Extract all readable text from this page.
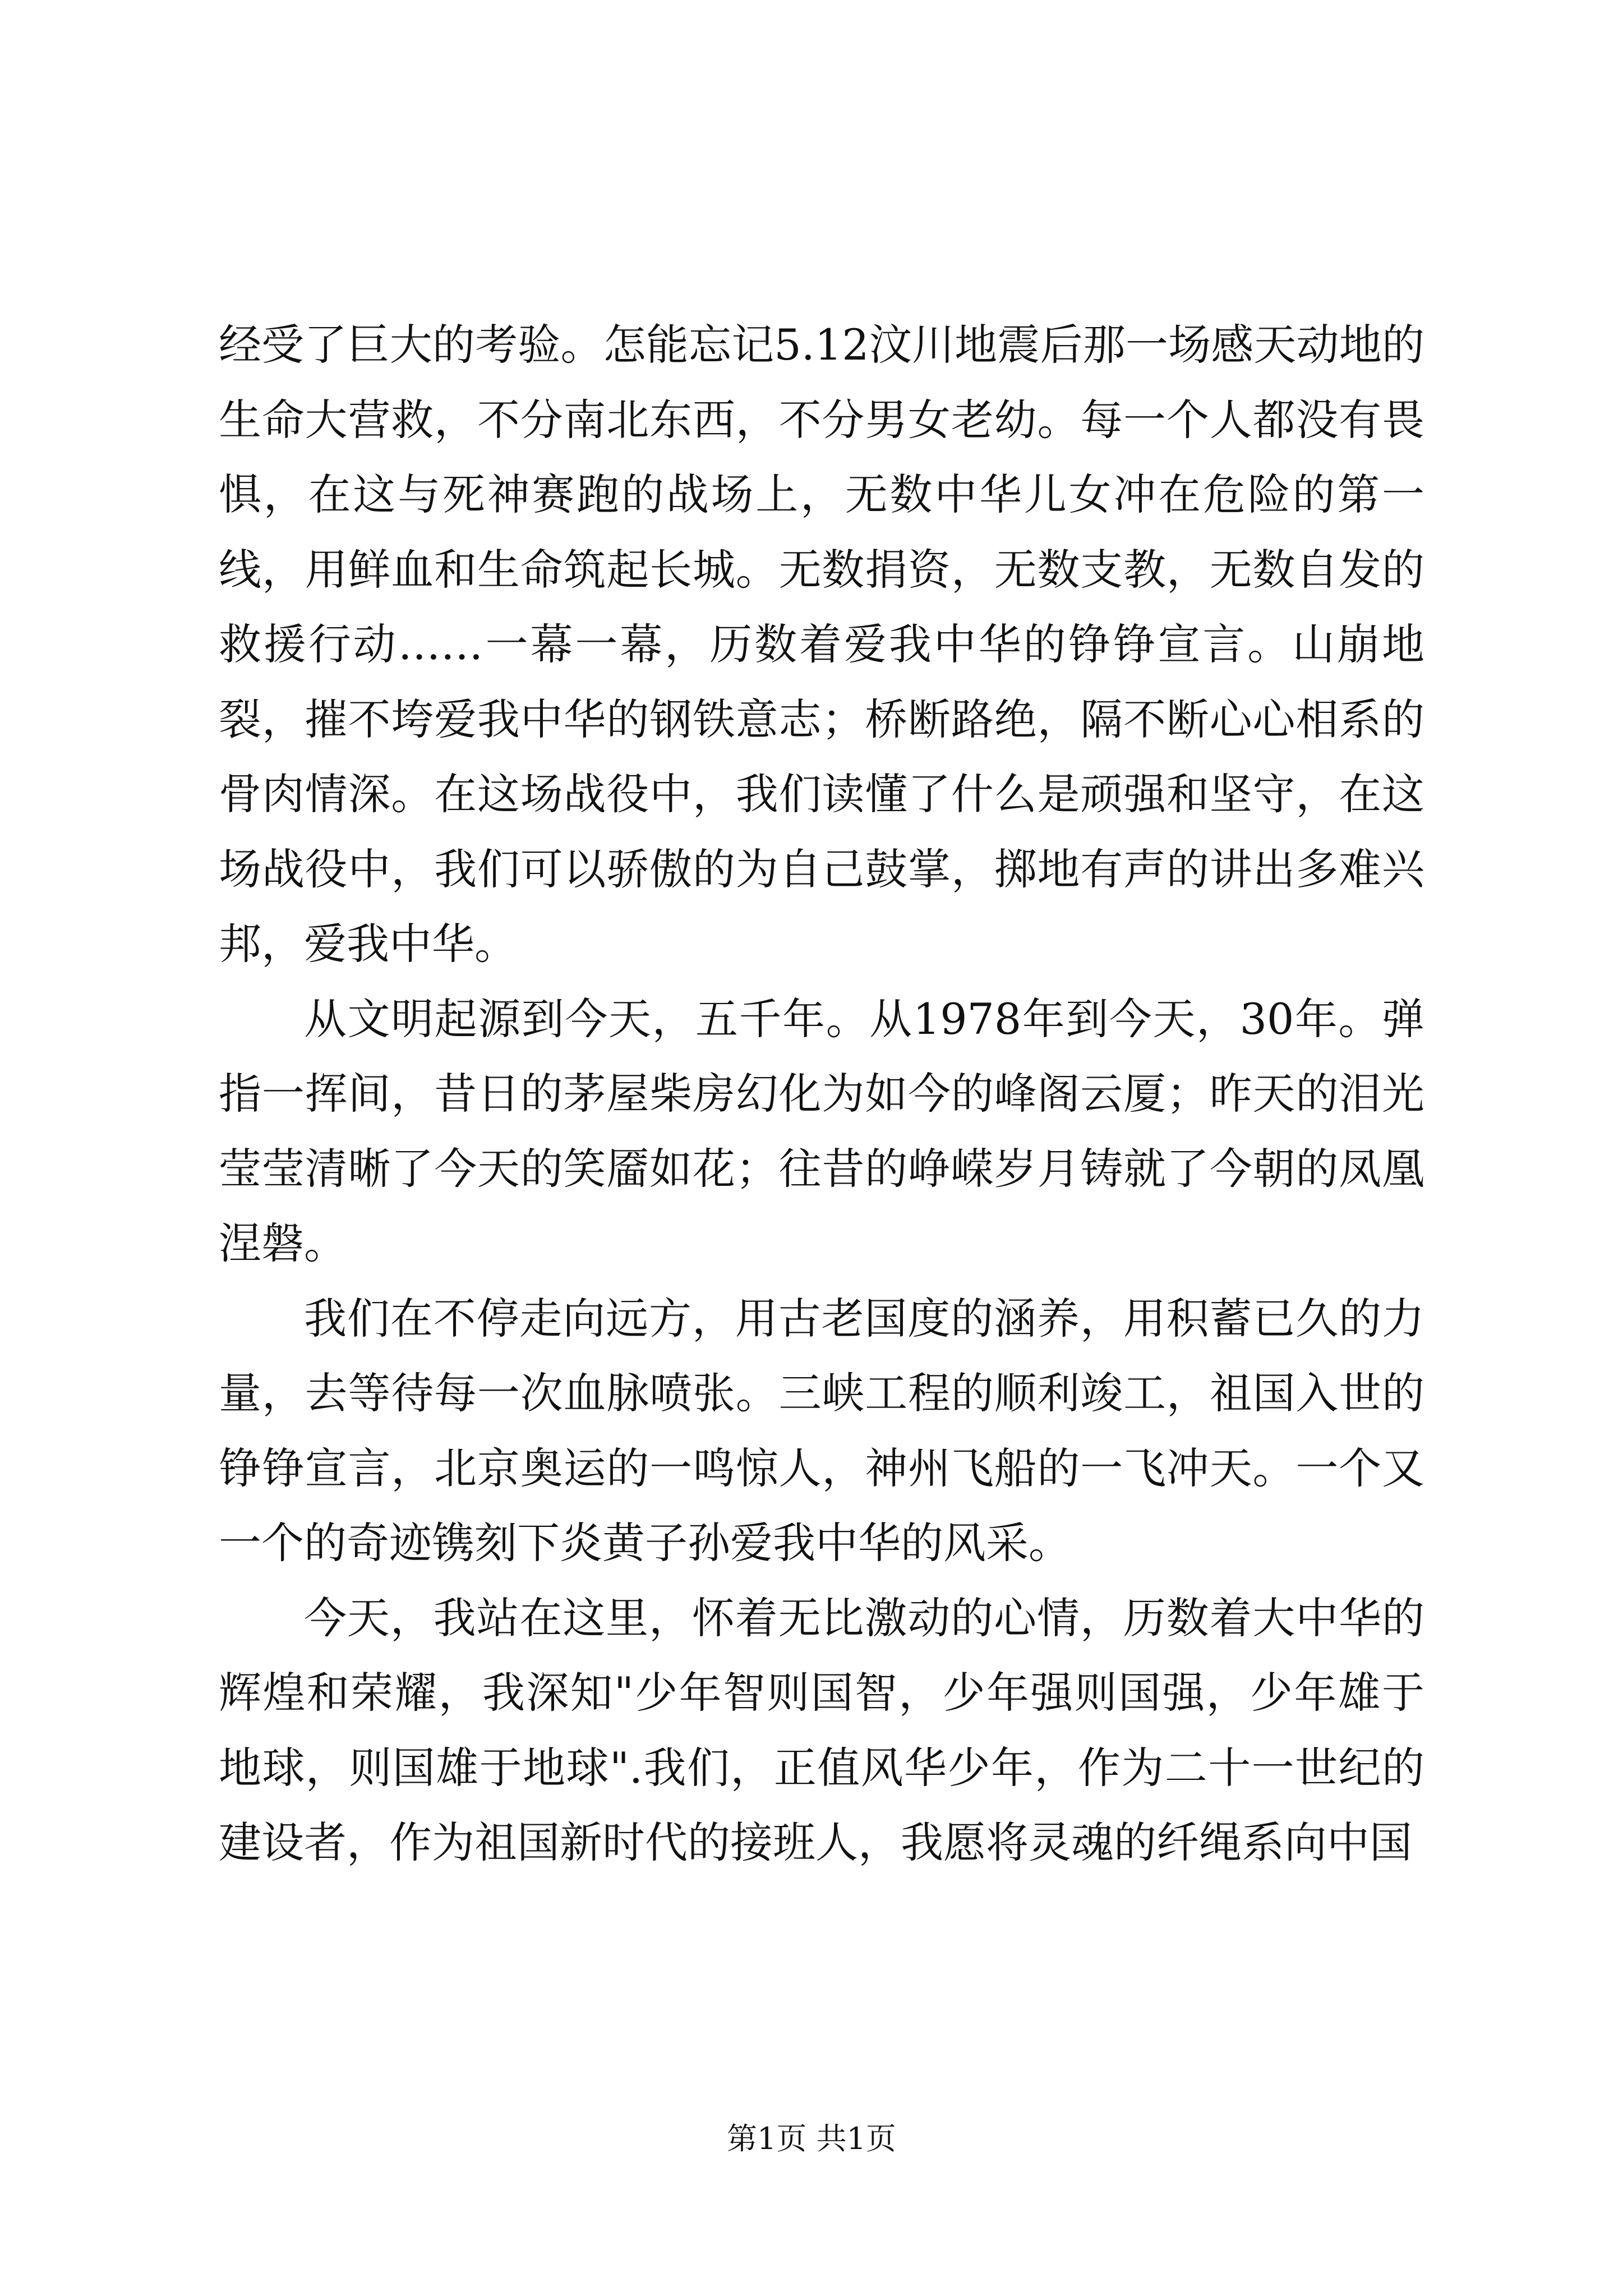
经受了巨大的考验。怎能忘记5.12汶川地震后那一场感天动地的生命大营救，不分南北东西，不分男女老幼。每一个人都没有畏惧，在这与死神赛跑的战场上，无数中华儿女冲在危险的第一线，用鲜血和生命筑起长城。无数捐资，无数支教，无数自发的救援行动……一幕一幕，历数着爱我中华的铮铮宣言。山崩地裂，摧不垮爱我中华的钢铁意志；桥断路绝，隔不断心心相系的骨肉情深。在这场战役中，我们读懂了什么是顽强和坚守，在这场战役中，我们可以骄傲的为自己鼓掌，掷地有声的讲出多难兴邦，爱我中华。

从文明起源到今天，五千年。从1978年到今天，30年。弹指一挥间，昔日的茅屋柴房幻化为如今的峰阁云厦；昨天的泪光莹莹清晰了今天的笑靥如花；往昔的峥嵘岁月铸就了今朝的凤凰涅磐。

我们在不停走向远方，用古老国度的涵养，用积蓄已久的力量，去等待每一次血脉喷张。三峡工程的顺利竣工，祖国入世的铮铮宣言，北京奥运的一鸣惊人，神州飞船的一飞冲天。一个又一个的奇迹镌刻下炎黄子孙爱我中华的风采。

今天，我站在这里，怀着无比激动的心情，历数着大中华的辉煌和荣耀，我深知"少年智则国智，少年强则国强，少年雄于地球，则国雄于地球".我们，正值风华少年，作为二十一世纪的建设者，作为祖国新时代的接班人，我愿将灵魂的纤绳系向中国

第1页 共1页
